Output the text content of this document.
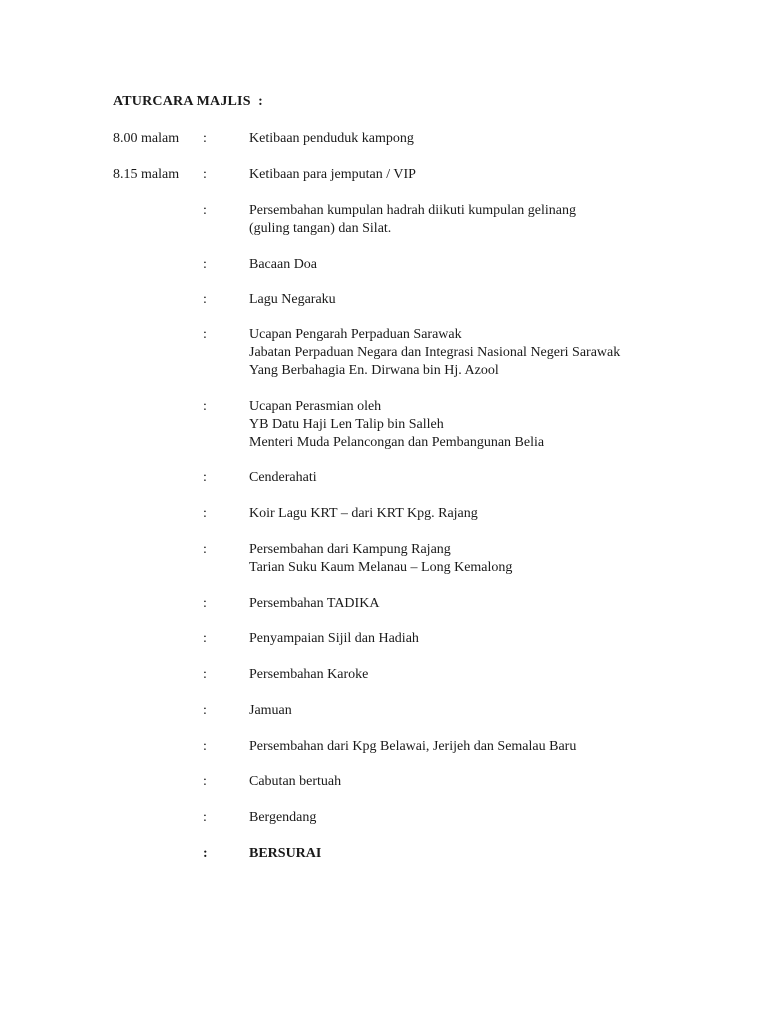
ATURCARA MAJLIS  :
8.00 malam :	Ketibaan penduduk kampong
8.15 malam :	Ketibaan para jemputan / VIP
:	Persembahan kumpulan hadrah diikuti kumpulan gelinang
(guling tangan) dan Silat.
:	Bacaan Doa
:	Lagu Negaraku
:	Ucapan Pengarah Perpaduan Sarawak
Jabatan Perpaduan Negara dan Integrasi Nasional Negeri Sarawak
Yang Berbahagia En. Dirwana bin Hj. Azool
:	Ucapan Perasmian oleh
YB Datu Haji Len Talip bin Salleh
Menteri Muda Pelancongan dan Pembangunan Belia
:	Cenderahati
:	Koir Lagu KRT – dari KRT Kpg. Rajang
:	Persembahan dari Kampung Rajang
Tarian Suku Kaum Melanau – Long Kemalong
:	Persembahan TADIKA
:	Penyampaian Sijil dan Hadiah
:	Persembahan Karoke
:	Jamuan
:	Persembahan dari Kpg Belawai, Jerijeh dan Semalau Baru
:	Cabutan bertuah
:	Bergendang
:	BERSURAI
